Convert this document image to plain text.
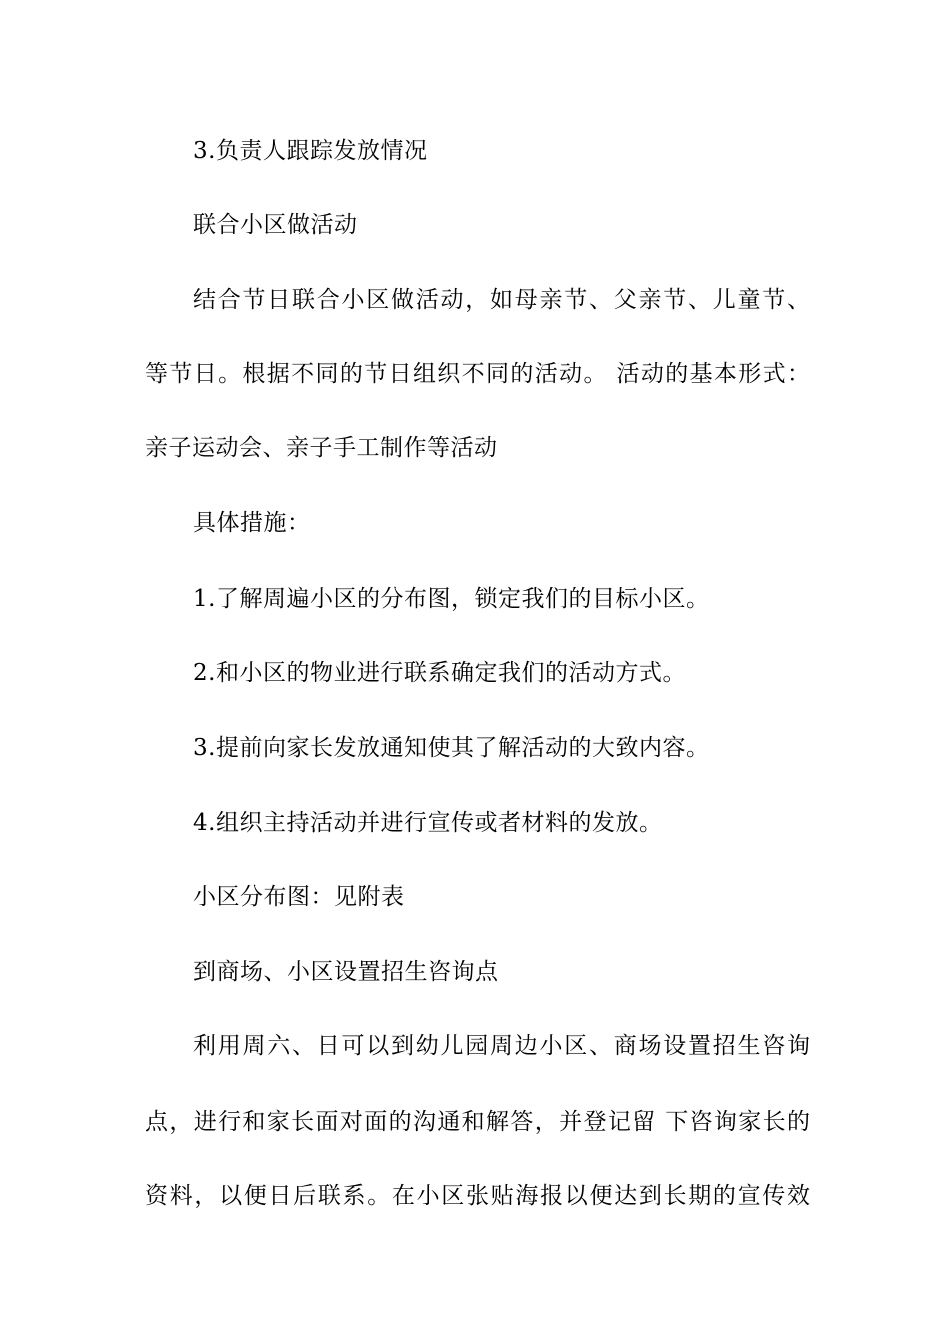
3.负责人跟踪发放情况
联合小区做活动
结合节日联合小区做活动，如母亲节、父亲节、儿童节、
等节日。根据不同的节日组织不同的活动。 活动的基本形式：
亲子运动会、亲子手工制作等活动
具体措施：
1.了解周遍小区的分布图，锁定我们的目标小区。
2.和小区的物业进行联系确定我们的活动方式。
3.提前向家长发放通知使其了解活动的大致内容。
4.组织主持活动并进行宣传或者材料的发放。
小区分布图：见附表
到商场、小区设置招生咨询点
利用周六、日可以到幼儿园周边小区、商场设置招生咨询
点，进行和家长面对面的沟通和解答，并登记留 下咨询家长的
资料，以便日后联系。在小区张贴海报以便达到长期的宣传效
